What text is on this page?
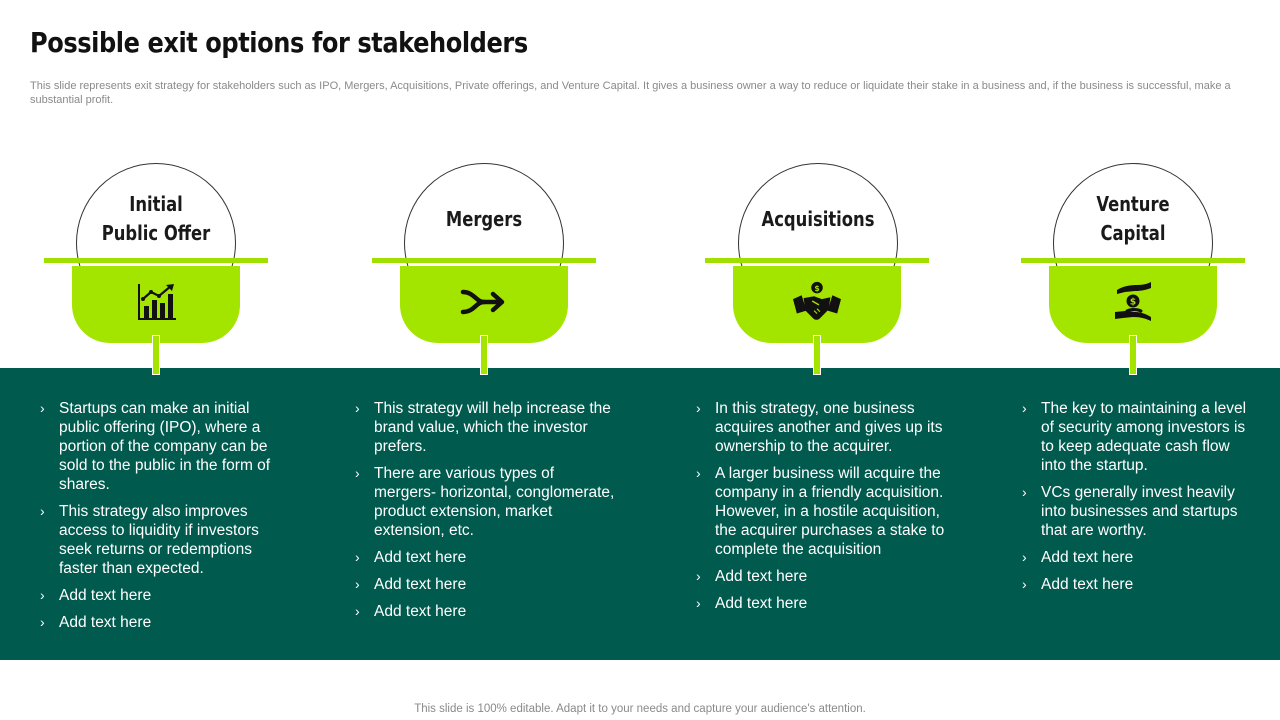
Possible exit options for stakeholders
This slide represents exit strategy for stakeholders such as IPO, Mergers, Acquisitions, Private offerings, and Venture Capital. It gives a business owner a way to reduce or liquidate their stake in a business and, if the business is successful, make a substantial profit.
Initial
Public Offer
› Startups can make an initial public offering (IPO), where a portion of the company can be sold to the public in the form of shares.
› This strategy also improves access to liquidity if investors seek returns or redemptions faster than expected.
› Add text here
› Add text here
Mergers
› This strategy will help increase the brand value, which the investor prefers.
› There are various types of mergers- horizontal, conglomerate, product extension, market extension, etc.
› Add text here
› Add text here
› Add text here
Acquisitions
$
› In this strategy, one business acquires another and gives up its ownership to the acquirer.
› A larger business will acquire the company in a friendly acquisition. However, in a hostile acquisition, the acquirer purchases a stake to complete the acquisition
› Add text here
› Add text here
Venture
Capital
$
› The key to maintaining a level of security among investors is to keep adequate cash flow into the startup.
› VCs generally invest heavily into businesses and startups that are worthy.
› Add text here
› Add text here
This slide is 100% editable. Adapt it to your needs and capture your audience's attention.
